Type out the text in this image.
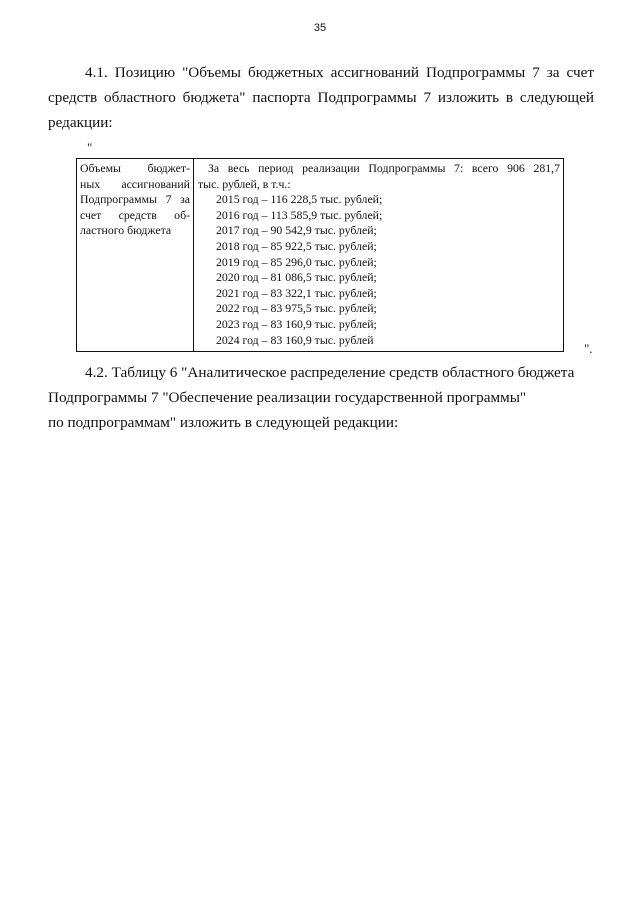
35
4.1. Позицию "Объемы бюджетных ассигнований Подпрограммы 7 за счет
средств областного бюджета" паспорта Подпрограммы 7 изложить в следующей
редакции:
"
Объемы бюджет-
ных ассигнований
Подпрограммы 7 за
счет средств об-
ластного бюджета

За весь период реализации Подпрограммы 7: всего 906 281,7
тыс. рублей, в т.ч.:
2015 год – 116 228,5 тыс. рублей;
2016 год – 113 585,9 тыс. рублей;
2017 год – 90 542,9 тыс. рублей;
2018 год – 85 922,5 тыс. рублей;
2019 год – 85 296,0 тыс. рублей;
2020 год – 81 086,5 тыс. рублей;
2021 год – 83 322,1 тыс. рублей;
2022 год – 83 975,5 тыс. рублей;
2023 год – 83 160,9 тыс. рублей;
2024 год – 83 160,9 тыс. рублей
".
4.2. Таблицу 6 "Аналитическое распределение средств областного бюджета
Подпрограммы 7 "Обеспечение реализации государственной программы"
по подпрограммам" изложить в следующей редакции:
